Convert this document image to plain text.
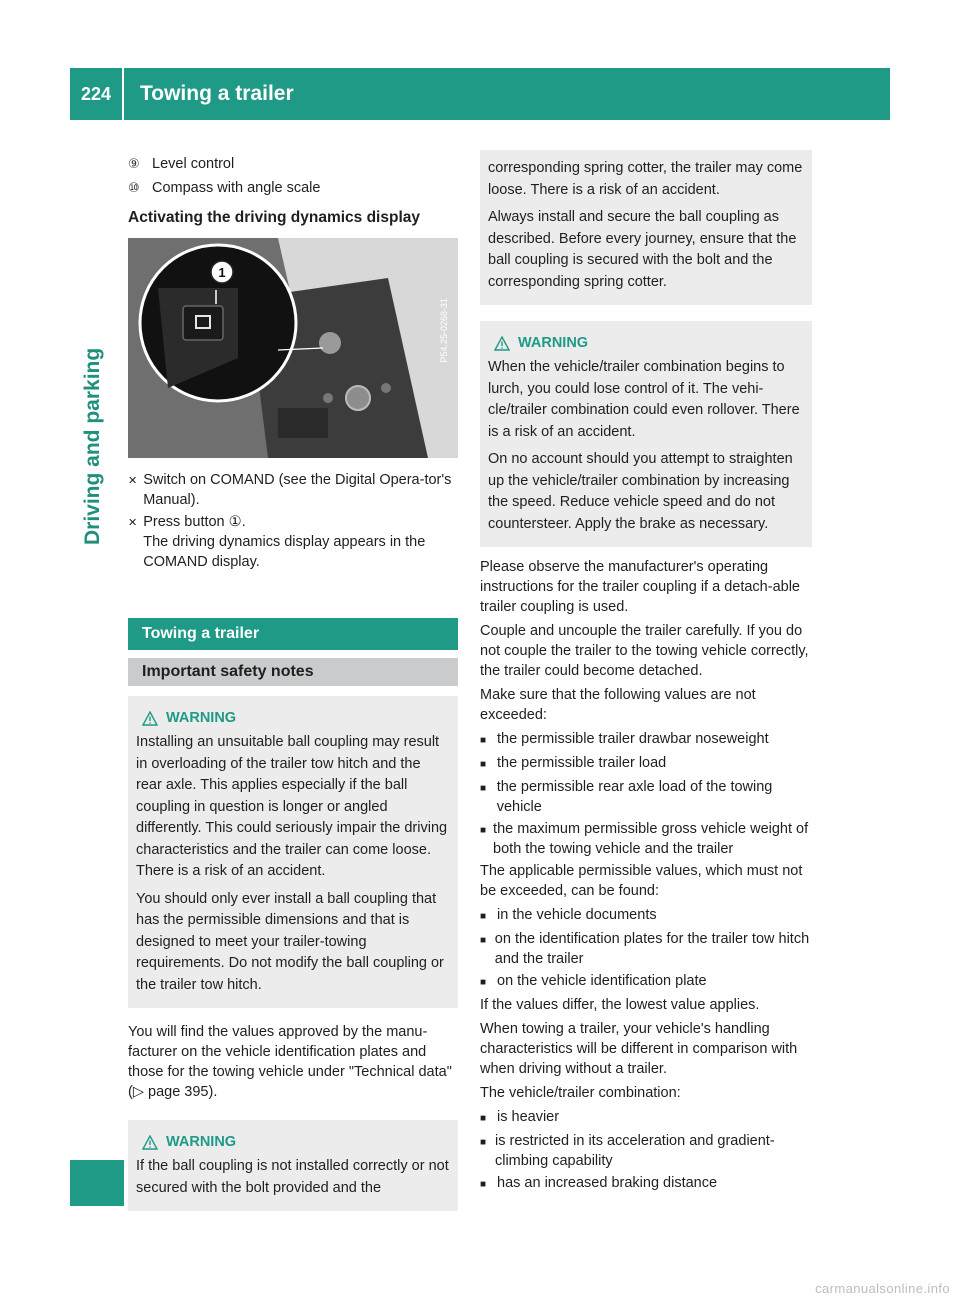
224	Towing a trailer
Driving and parking
⑨ Level control
⑩ Compass with angle scale
Activating the driving dynamics display
1
P54.25-0268-31
✕ Switch on COMAND (see the Digital Opera-tor's Manual).
✕ Press button ①.
The driving dynamics display appears in the COMAND display.
Towing a trailer
Important safety notes
WARNING

Installing an unsuitable ball coupling may result in overloading of the trailer tow hitch and the rear axle. This applies especially if the ball coupling in question is longer or angled differently. This could seriously impair the driving characteristics and the trailer can come loose. There is a risk of an accident.

You should only ever install a ball coupling that has the permissible dimensions and that is designed to meet your trailer-towing requirements. Do not modify the ball coupling or the trailer tow hitch.

You will find the values approved by the manu-facturer on the vehicle identification plates and those for the towing vehicle under "Technical data" (▷ page 395).

WARNING

If the ball coupling is not installed correctly or not secured with the bolt provided and the

corresponding spring cotter, the trailer may come loose. There is a risk of an accident.

Always install and secure the ball coupling as described. Before every journey, ensure that the ball coupling is secured with the bolt and the corresponding spring cotter.

WARNING

When the vehicle/trailer combination begins to lurch, you could lose control of it. The vehi-cle/trailer combination could even rollover. There is a risk of an accident.

On no account should you attempt to straighten up the vehicle/trailer combination by increasing the speed. Reduce vehicle speed and do not countersteer. Apply the brake as necessary.

Please observe the manufacturer's operating instructions for the trailer coupling if a detach-able trailer coupling is used.

Couple and uncouple the trailer carefully. If you do not couple the trailer to the towing vehicle correctly, the trailer could become detached.

Make sure that the following values are not exceeded:

■ the permissible trailer drawbar noseweight
■ the permissible trailer load
■ the permissible rear axle load of the towing vehicle
■ the maximum permissible gross vehicle weight of both the towing vehicle and the trailer

The applicable permissible values, which must not be exceeded, can be found:

■ in the vehicle documents
■ on the identification plates for the trailer tow hitch and the trailer
■ on the vehicle identification plate

If the values differ, the lowest value applies.

When towing a trailer, your vehicle's handling characteristics will be different in comparison with when driving without a trailer.

The vehicle/trailer combination:

■ is heavier
■ is restricted in its acceleration and gradient-climbing capability
■ has an increased braking distance
carmanualsonline.info
